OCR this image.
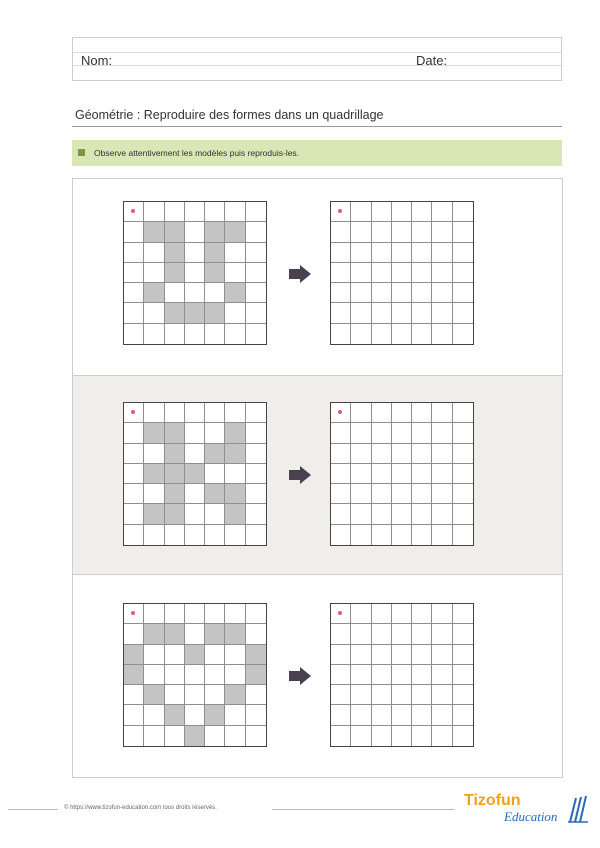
Nom:	Date:
Géométrie : Reproduire des formes dans un quadrillage
Observe attentivement les modèles puis reproduis-les.
© https://www.tizofun-education.com tous droits réservés.	Tizofun
Education
